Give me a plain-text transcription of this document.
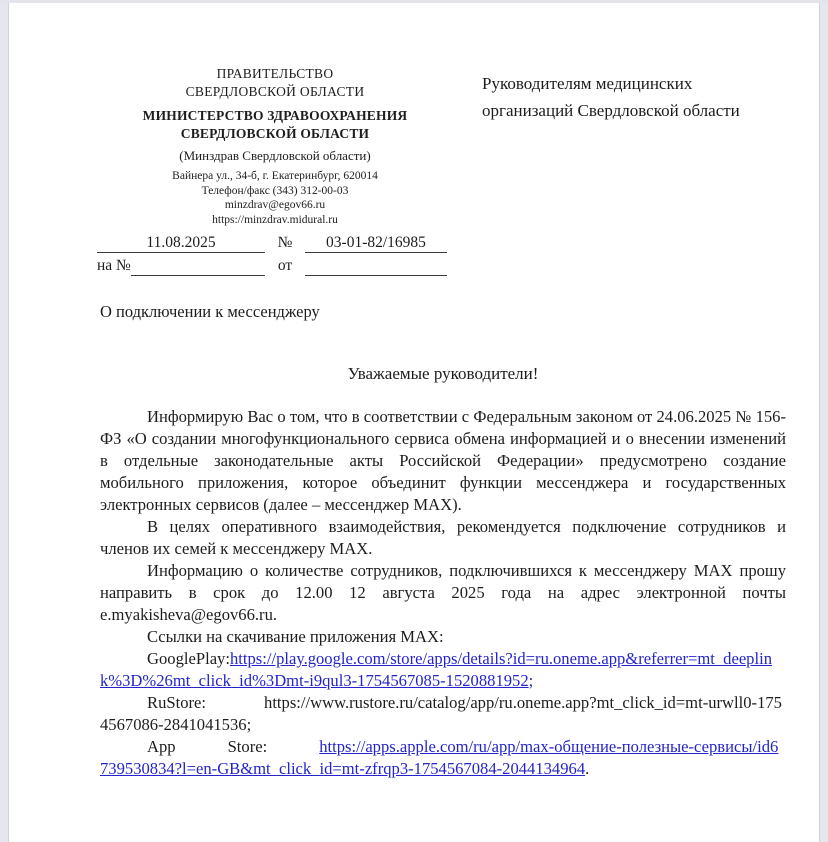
ПРАВИТЕЛЬСТВО
СВЕРДЛОВСКОЙ ОБЛАСТИ
МИНИСТЕРСТВО ЗДРАВООХРАНЕНИЯ
СВЕРДЛОВСКОЙ ОБЛАСТИ
(Минздрав Свердловской области)
Вайнера ул., 34-б, г. Екатеринбург, 620014
Телефон/факс (343) 312-00-03
minzdrav@egov66.ru
https://minzdrav.midural.ru
Руководителям медицинских организаций Свердловской области
11.08.2025	№	03-01-82/16985
на №	от

О подключении к мессенджеру
Уважаемые руководители!

Информирую Вас о том, что в соответствии с Федеральным законом от 24.06.2025 № 156-ФЗ «О создании многофункционального сервиса обмена информацией и о внесении изменений в отдельные законодательные акты Российской Федерации» предусмотрено создание мобильного приложения, которое объединит функции мессенджера и государственных электронных сервисов (далее – мессенджер МАХ).

В целях оперативного взаимодействия, рекомендуется подключение сотрудников и членов их семей к мессенджеру МАХ.

Информацию о количестве сотрудников, подключившихся к мессенджеру МАХ прошу направить в срок до 12.00 12 августа 2025 года на адрес электронной почты e.myakisheva@egov66.ru.

Ссылки на скачивание приложения МАХ:

GooglePlay:https://play.google.com/store/apps/details?id=ru.oneme.app&referrer=mt_deeplink%3D%26mt_click_id%3Dmt-i9qul3-1754567085-1520881952;

RuStore:	https://www.rustore.ru/catalog/app/ru.oneme.app?mt_click_id=mt-urwll0-1754567086-2841041536;

App	Store:	https://apps.apple.com/ru/app/max-общение-полезные-сервисы/id6739530834?l=en-GB&mt_click_id=mt-zfrqp3-1754567084-2044134964.
